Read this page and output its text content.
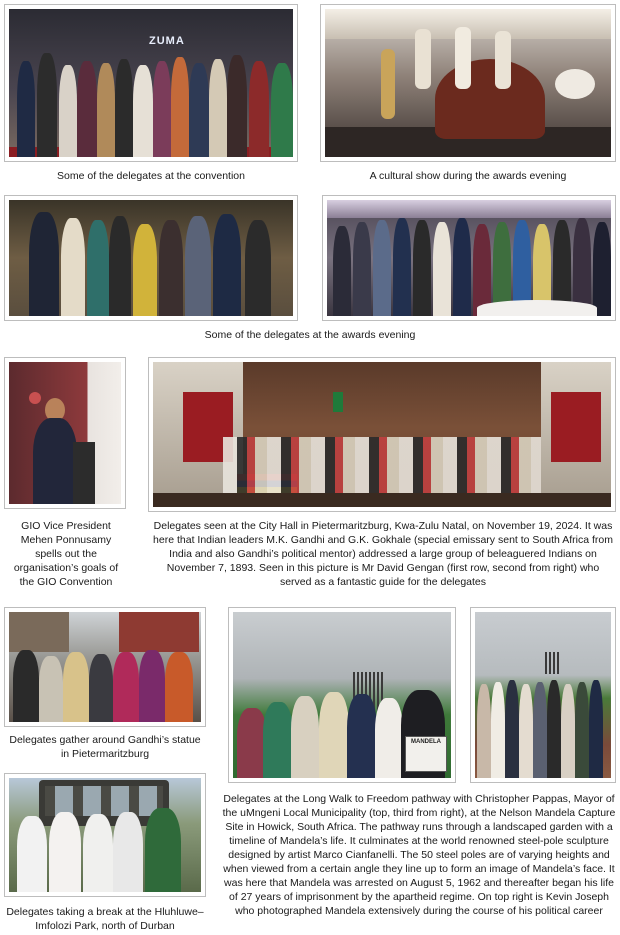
ZUMA

Some of the delegates at the convention	A cultural show during the awards evening

Some of the delegates at the awards evening

GIO Vice President Mehen Ponnusamy spells out the organisation’s goals of the GIO Convention

Delegates seen at the City Hall in Pietermaritzburg, Kwa-Zulu Natal, on November 19, 2024. It was here that Indian leaders M.K. Gandhi and G.K. Gokhale (special emissary sent to South Africa from India and also Gandhi’s political mentor) addressed a large group of beleaguered Indians on November 7, 1893. Seen in this picture is Mr David Gengan (first row, second from right) who served as a fantastic guide for the delegates

Delegates gather around Gandhi’s statue in Pietermaritzburg

MANDELA

Delegates at the Long Walk to Freedom pathway with Christopher Pappas, Mayor of the uMngeni Local Municipality (top, third from right), at the Nelson Mandela Capture Site in Howick, South Africa. The pathway runs through a landscaped garden with a timeline of Mandela’s life. It culminates at the world renowned steel-pole sculpture designed by artist Marco Cianfanelli. The 50 steel poles are of varying heights and when viewed from a certain angle they line up to form an image of Mandela’s face. It was here that Mandela was arrested on August 5, 1962 and thereafter began his life of 27 years of imprisonment by the apartheid regime. On top right is Kevin Joseph who photographed Mandela extensively during the course of his political career

Delegates taking a break at the Hluhluwe–Imfolozi Park, north of Durban
